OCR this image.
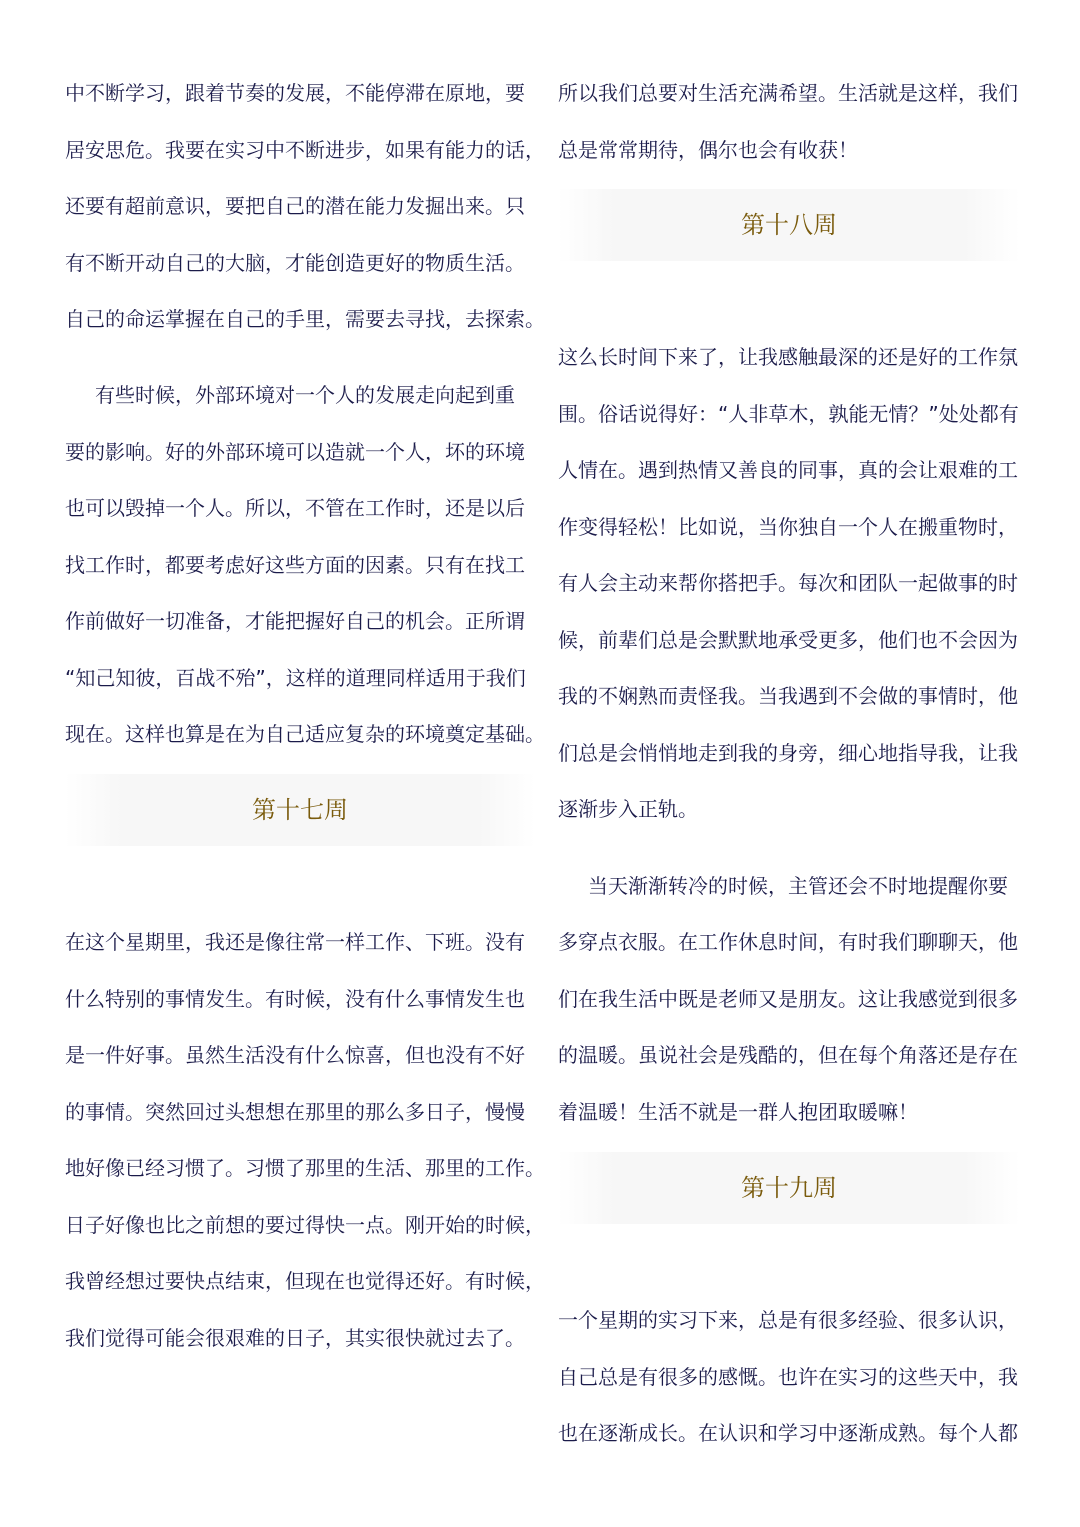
中不断学习，跟着节奏的发展，不能停滞在原地，要
居安思危。我要在实习中不断进步，如果有能力的话，
还要有超前意识，要把自己的潜在能力发掘出来。只
有不断开动自己的大脑，才能创造更好的物质生活。
自己的命运掌握在自己的手里，需要去寻找，去探索。
有些时候，外部环境对一个人的发展走向起到重
要的影响。好的外部环境可以造就一个人，坏的环境
也可以毁掉一个人。所以，不管在工作时，还是以后
找工作时，都要考虑好这些方面的因素。只有在找工
作前做好一切准备，才能把握好自己的机会。正所谓
“知己知彼，百战不殆”，这样的道理同样适用于我们
现在。这样也算是在为自己适应复杂的环境奠定基础。
第十七周
在这个星期里，我还是像往常一样工作、下班。没有
什么特别的事情发生。有时候，没有什么事情发生也
是一件好事。虽然生活没有什么惊喜，但也没有不好
的事情。突然回过头想想在那里的那么多日子，慢慢
地好像已经习惯了。习惯了那里的生活、那里的工作。
日子好像也比之前想的要过得快一点。刚开始的时候，
我曾经想过要快点结束，但现在也觉得还好。有时候，
我们觉得可能会很艰难的日子，其实很快就过去了。
所以我们总要对生活充满希望。生活就是这样，我们
总是常常期待，偶尔也会有收获！
第十八周
这么长时间下来了，让我感触最深的还是好的工作氛
围。俗话说得好：“人非草木，孰能无情？”处处都有
人情在。遇到热情又善良的同事，真的会让艰难的工
作变得轻松！比如说，当你独自一个人在搬重物时，
有人会主动来帮你搭把手。每次和团队一起做事的时
候，前辈们总是会默默地承受更多，他们也不会因为
我的不娴熟而责怪我。当我遇到不会做的事情时，他
们总是会悄悄地走到我的身旁，细心地指导我，让我
逐渐步入正轨。
当天渐渐转冷的时候，主管还会不时地提醒你要
多穿点衣服。在工作休息时间，有时我们聊聊天，他
们在我生活中既是老师又是朋友。这让我感觉到很多
的温暖。虽说社会是残酷的，但在每个角落还是存在
着温暖！生活不就是一群人抱团取暖嘛！
第十九周
一个星期的实习下来，总是有很多经验、很多认识，
自己总是有很多的感慨。也许在实习的这些天中，我
也在逐渐成长。在认识和学习中逐渐成熟。每个人都
